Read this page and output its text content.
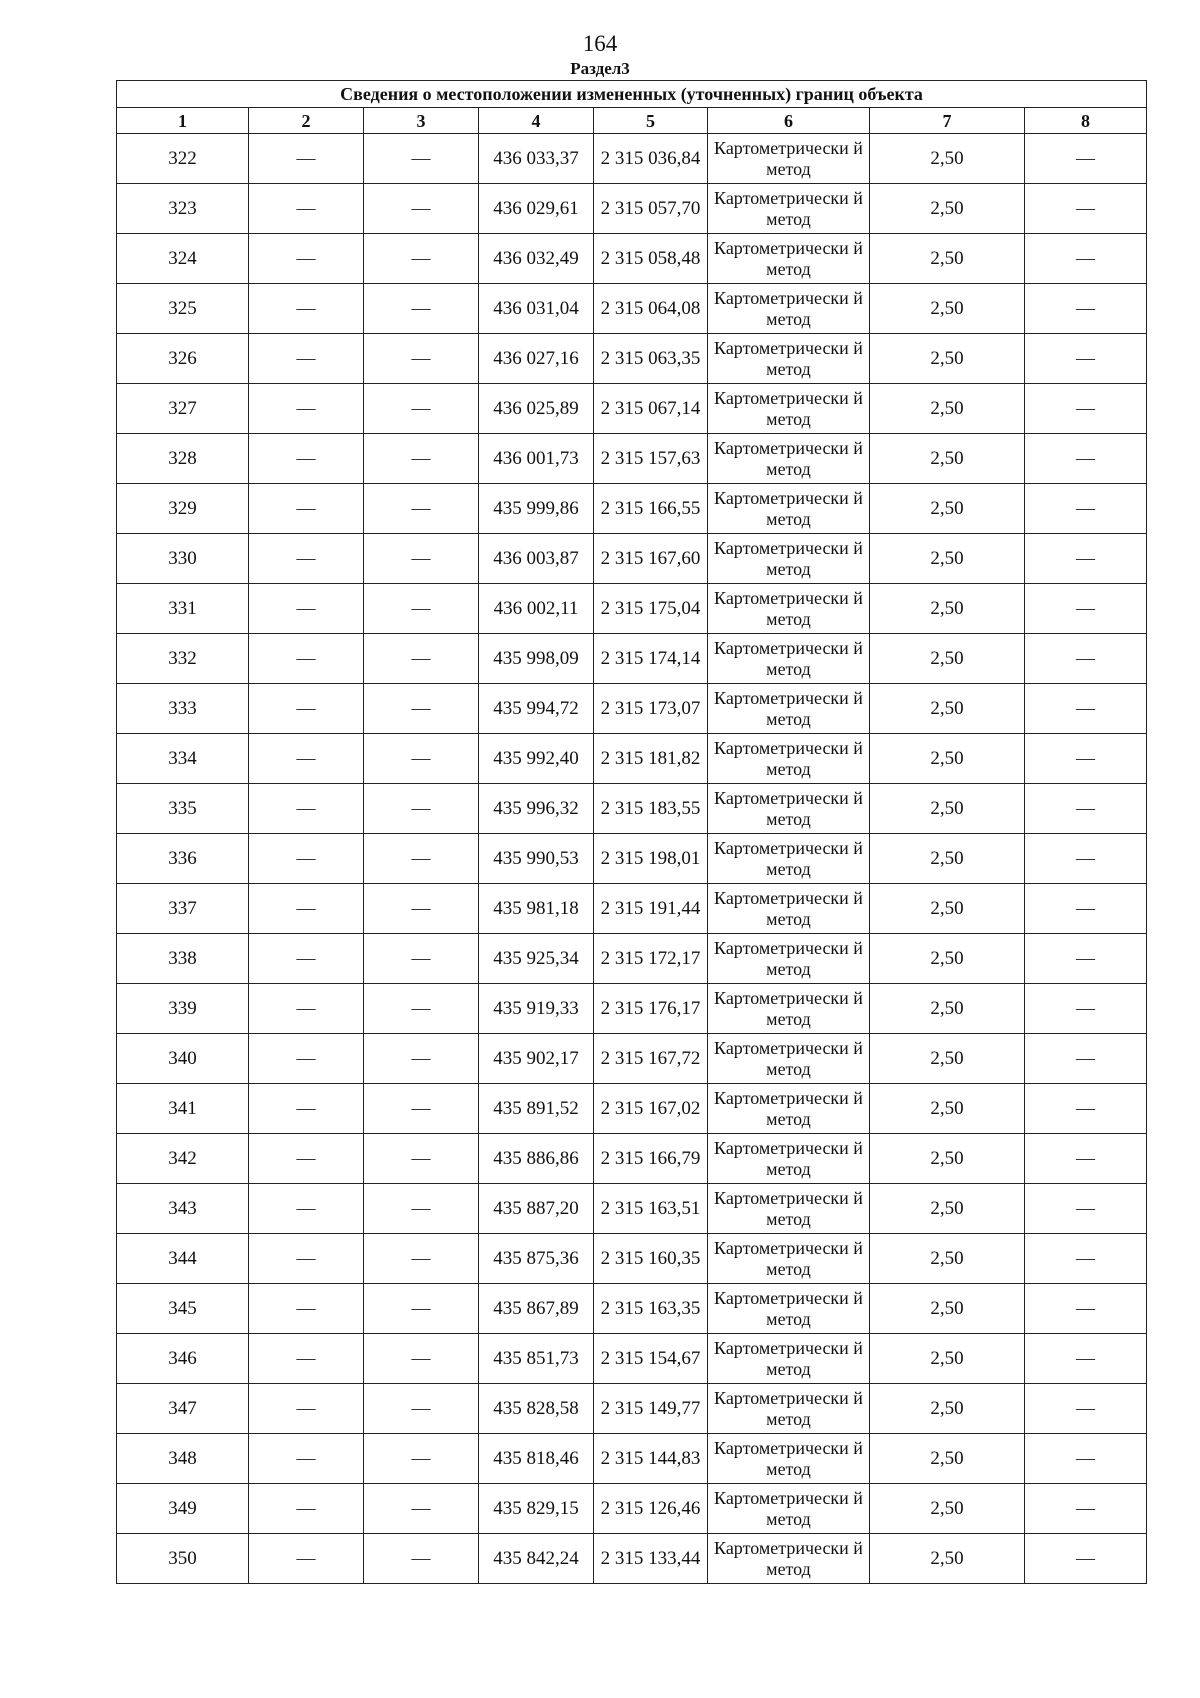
164
Раздел3
Сведения о местоположении измененных (уточненных) границ объекта							
1	2	3	4	5	6	7	8
322	—	—	436 033,37	2 315 036,84	Картометрически й метод	2,50	—
323	—	—	436 029,61	2 315 057,70	Картометрически й метод	2,50	—
324	—	—	436 032,49	2 315 058,48	Картометрически й метод	2,50	—
325	—	—	436 031,04	2 315 064,08	Картометрически й метод	2,50	—
326	—	—	436 027,16	2 315 063,35	Картометрически й метод	2,50	—
327	—	—	436 025,89	2 315 067,14	Картометрически й метод	2,50	—
328	—	—	436 001,73	2 315 157,63	Картометрически й метод	2,50	—
329	—	—	435 999,86	2 315 166,55	Картометрически й метод	2,50	—
330	—	—	436 003,87	2 315 167,60	Картометрически й метод	2,50	—
331	—	—	436 002,11	2 315 175,04	Картометрически й метод	2,50	—
332	—	—	435 998,09	2 315 174,14	Картометрически й метод	2,50	—
333	—	—	435 994,72	2 315 173,07	Картометрически й метод	2,50	—
334	—	—	435 992,40	2 315 181,82	Картометрически й метод	2,50	—
335	—	—	435 996,32	2 315 183,55	Картометрически й метод	2,50	—
336	—	—	435 990,53	2 315 198,01	Картометрически й метод	2,50	—
337	—	—	435 981,18	2 315 191,44	Картометрически й метод	2,50	—
338	—	—	435 925,34	2 315 172,17	Картометрически й метод	2,50	—
339	—	—	435 919,33	2 315 176,17	Картометрически й метод	2,50	—
340	—	—	435 902,17	2 315 167,72	Картометрически й метод	2,50	—
341	—	—	435 891,52	2 315 167,02	Картометрически й метод	2,50	—
342	—	—	435 886,86	2 315 166,79	Картометрически й метод	2,50	—
343	—	—	435 887,20	2 315 163,51	Картометрически й метод	2,50	—
344	—	—	435 875,36	2 315 160,35	Картометрически й метод	2,50	—
345	—	—	435 867,89	2 315 163,35	Картометрически й метод	2,50	—
346	—	—	435 851,73	2 315 154,67	Картометрически й метод	2,50	—
347	—	—	435 828,58	2 315 149,77	Картометрически й метод	2,50	—
348	—	—	435 818,46	2 315 144,83	Картометрически й метод	2,50	—
349	—	—	435 829,15	2 315 126,46	Картометрически й метод	2,50	—
350	—	—	435 842,24	2 315 133,44	Картометрически й метод	2,50	—
